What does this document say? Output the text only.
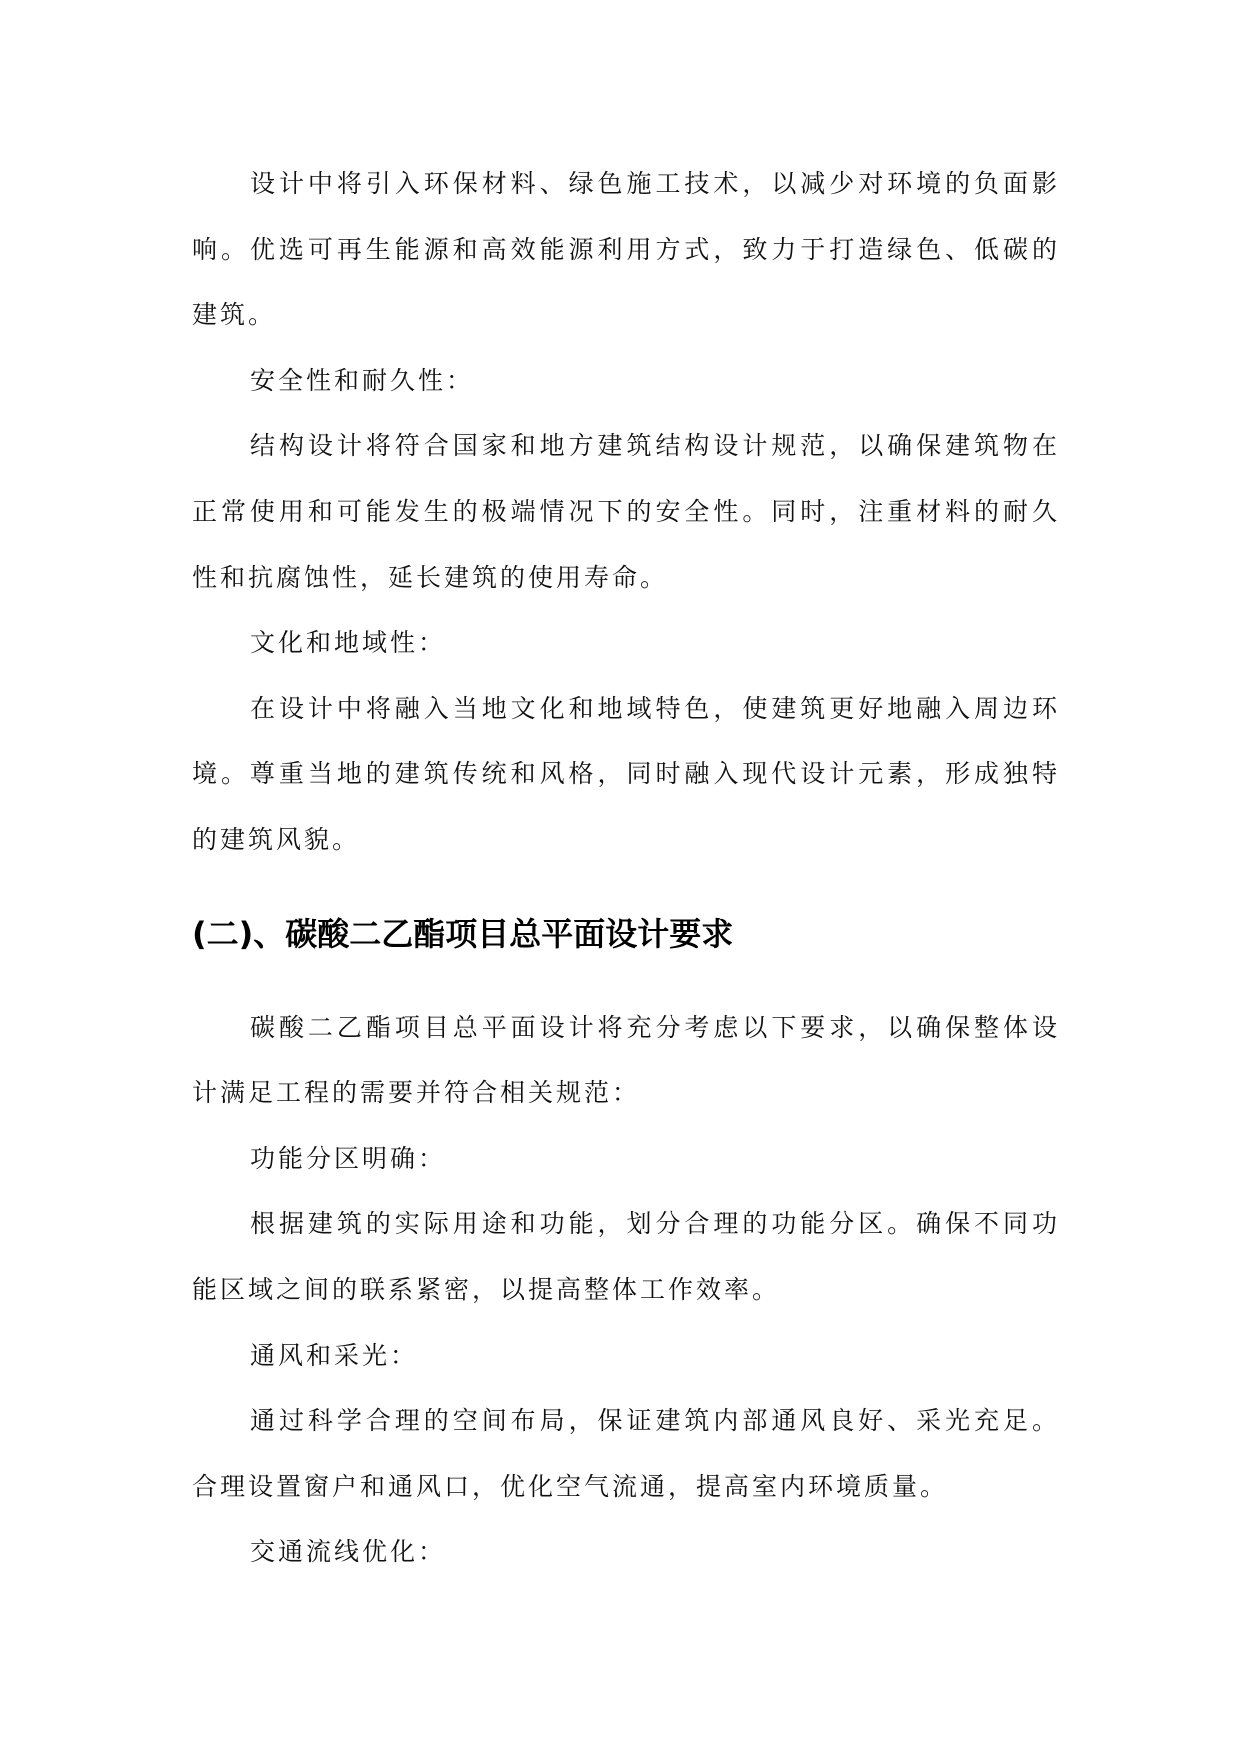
设计中将引入环保材料、绿色施工技术，以减少对环境的负面影
响。优选可再生能源和高效能源利用方式，致力于打造绿色、低碳的
建筑。
安全性和耐久性：
结构设计将符合国家和地方建筑结构设计规范，以确保建筑物在
正常使用和可能发生的极端情况下的安全性。同时，注重材料的耐久
性和抗腐蚀性，延长建筑的使用寿命。
文化和地域性：
在设计中将融入当地文化和地域特色，使建筑更好地融入周边环
境。尊重当地的建筑传统和风格，同时融入现代设计元素，形成独特
的建筑风貌。
(二)、碳酸二乙酯项目总平面设计要求
碳酸二乙酯项目总平面设计将充分考虑以下要求，以确保整体设
计满足工程的需要并符合相关规范：
功能分区明确：
根据建筑的实际用途和功能，划分合理的功能分区。确保不同功
能区域之间的联系紧密，以提高整体工作效率。
通风和采光：
通过科学合理的空间布局，保证建筑内部通风良好、采光充足。
合理设置窗户和通风口，优化空气流通，提高室内环境质量。
交通流线优化：
